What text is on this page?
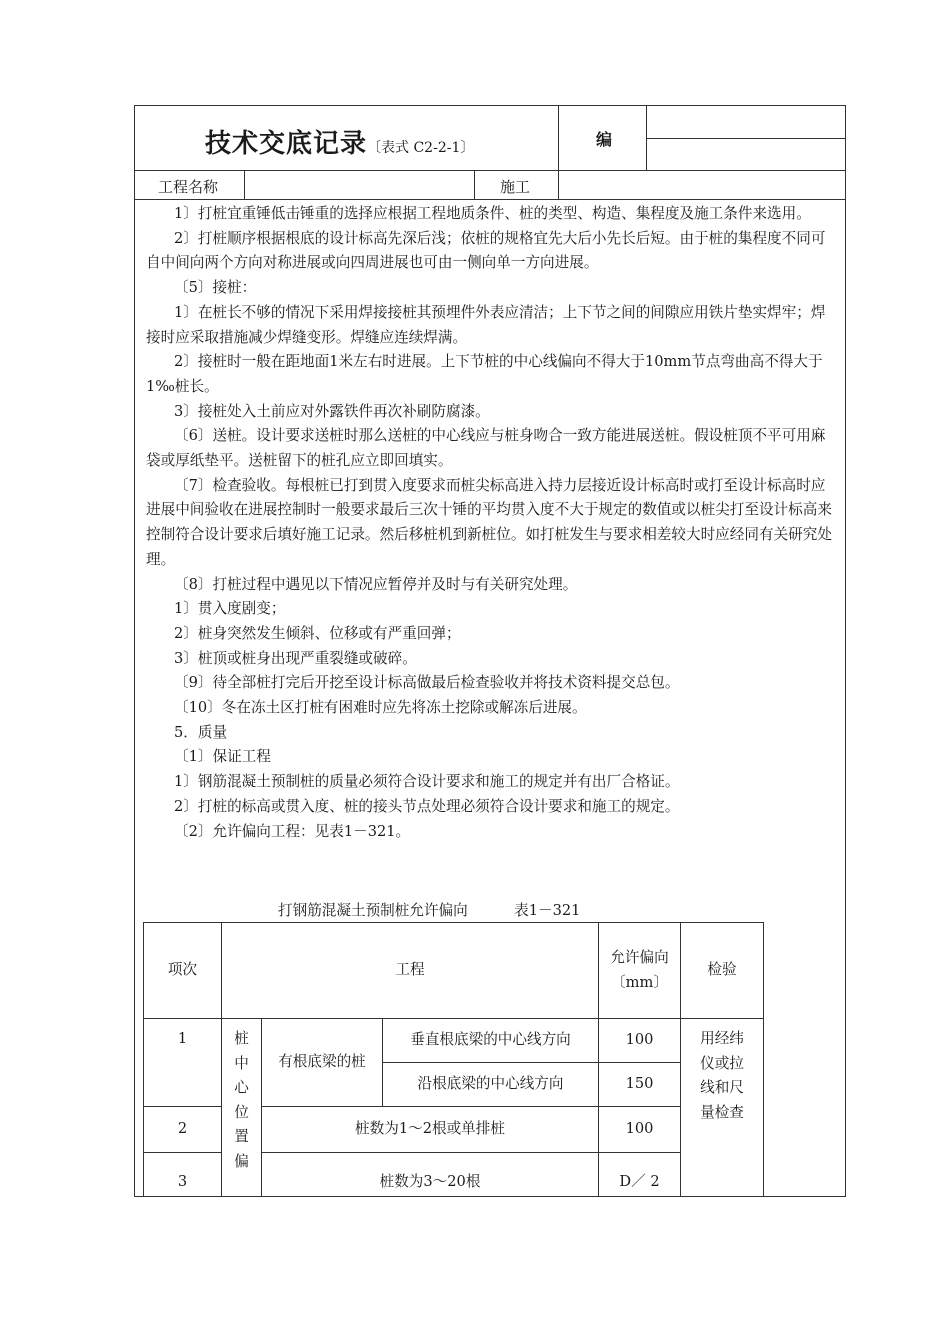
技术交底记录〔表式 C2-2-1〕	编
工程名称	施工

1〕打桩宜重锤低击锤重的选择应根据工程地质条件、桩的类型、构造、集程度及施工条件来选用。

2〕打桩顺序根据根底的设计标高先深后浅；依桩的规格宜先大后小先长后短。由于桩的集程度不同可自中间向两个方向对称进展或向四周进展也可由一侧向单一方向进展。

〔5〕接桩：

1〕在桩长不够的情况下采用焊接接桩其预埋件外表应清洁；上下节之间的间隙应用铁片垫实焊牢；焊接时应采取措施减少焊缝变形。焊缝应连续焊满。

2〕接桩时一般在距地面1米左右时进展。上下节桩的中心线偏向不得大于10mm节点弯曲高不得大于1‰桩长。

3〕接桩处入土前应对外露铁件再次补刷防腐漆。

〔6〕送桩。设计要求送桩时那么送桩的中心线应与桩身吻合一致方能进展送桩。假设桩顶不平可用麻袋或厚纸垫平。送桩留下的桩孔应立即回填实。

〔7〕检查验收。每根桩已打到贯入度要求而桩尖标高进入持力层接近设计标高时或打至设计标高时应进展中间验收在进展控制时一般要求最后三次十锤的平均贯入度不大于规定的数值或以桩尖打至设计标高来控制符合设计要求后填好施工记录。然后移桩机到新桩位。如打桩发生与要求相差较大时应经同有关研究处理。

〔8〕打桩过程中遇见以下情况应暂停并及时与有关研究处理。

1〕贯入度剧变；

2〕桩身突然发生倾斜、位移或有严重回弹；

3〕桩顶或桩身出现严重裂缝或破碎。

〔9〕待全部桩打完后开挖至设计标高做最后检查验收并将技术资料提交总包。

〔10〕冬在冻土区打桩有困难时应先将冻土挖除或解冻后进展。

5．质量

〔1〕保证工程

1〕钢筋混凝土预制桩的质量必须符合设计要求和施工的规定并有出厂合格证。

2〕打桩的标高或贯入度、桩的接头节点处理必须符合设计要求和施工的规定。

〔2〕允许偏向工程：见表1－321。

打钢筋混凝土预制桩允许偏向	表1－321
项次	工程			允许偏向〔mm〕	检验
1	桩中心位置偏	有根底梁的桩	垂直根底梁的中心线方向	100	用经纬仪或拉线和尺量检查
			沿根底梁的中心线方向	150	
2		桩数为1～2根或单排桩		100	
3		桩数为3～20根		D／ 2	
